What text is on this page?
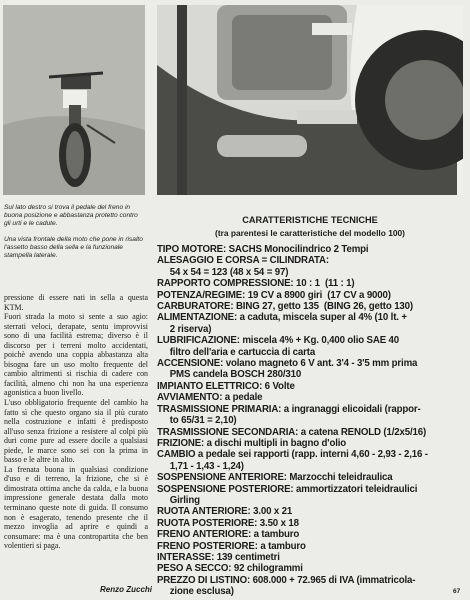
Sul lato destro si trova il pedale del freno in buona posizione e abbastanza protetto contro gli urti e le cadute.

Una vista frontale della moto che pone in risalto l'assetto basso della sella e la funzionale stampella laterale.

pressione di essere nati in sella a questa KTM.

Fuori strada la moto si sente a suo agio: sterrati veloci, derapate, sentu improvvisi sono di una facilità estrema; diverso è il discorso per i terreni molto accidentati, poichè avendo una coppia abbastanza alta bisogna fare un uso molto frequente del cambio altrimenti si rischia di cadere con facilità, almeno chi non ha una esperienza agonistica a buon livello.

L'uso obbligatorio frequente del cambio ha fatto sì che questo organo sia il più curato nella costruzione e infatti è predisposto all'uso senza frizione a resistere al colpi più duri come pure ad essere docile a qualsiasi piede, le marce sono sei con la prima in basso e le altre in alto.

La frenata buona in qualsiasi condizione d'uso e di terreno, la frizione, che si è dimostrata ottima anche da calda, e la buona impressione generale destata dalla moto terminano queste note di guida. Il consumo non è esagerato, tenendo presente che il mezzo invoglia ad aprire e quindi a consumare: ma è una contropartita che ben volentieri si paga.

Renzo Zucchi
CARATTERISTICHE TECNICHE
(tra parentesi le caratteristiche del modello 100)
TIPO MOTORE: SACHS Monocilindrico 2 Tempi
ALESAGGIO E CORSA = CILINDRATA:
54 x 54 = 123 (48 x 54 = 97)
RAPPORTO COMPRESSIONE: 10 : 1  (11 : 1)
POTENZA/REGIME: 19 CV a 8900 giri  (17 CV a 9000)
CARBURATORE: BING 27, getto 135  (BING 26, getto 130)
ALIMENTAZIONE: a caduta, miscela super al 4% (10 lt. +
2 riserva)
LUBRIFICAZIONE: miscela 4% + Kg. 0,400 olio SAE 40
filtro dell'aria e cartuccia di carta
ACCENSIONE: volano magneto 6 V ant. 3'4 - 3'5 mm prima
PMS candela BOSCH 280/310
IMPIANTO ELETTRICO: 6 Volte
AVVIAMENTO: a pedale
TRASMISSIONE PRIMARIA: a ingranaggi elicoidali (rappor-
to 65/31 = 2,10)
TRASMISSIONE SECONDARIA: a catena RENOLD (1/2x5/16)
FRIZIONE: a dischi multipli in bagno d'olio
CAMBIO a pedale sei rapporti (rapp. interni 4,60 - 2,93 - 2,16 -
1,71 - 1,43 - 1,24)
SOSPENSIONE ANTERIORE: Marzocchi teleidraulica
SOSPENSIONE POSTERIORE: ammortizzatori teleidraulici
Girling
RUOTA ANTERIORE: 3.00 x 21
RUOTA POSTERIORE: 3.50 x 18
FRENO ANTERIORE: a tamburo
FRENO POSTERIORE: a tamburo
INTERASSE: 139 centimetri
PESO A SECCO: 92 chilogrammi
PREZZO DI LISTINO: 608.000 + 72.965 di IVA (immatricola-
zione esclusa)	67
